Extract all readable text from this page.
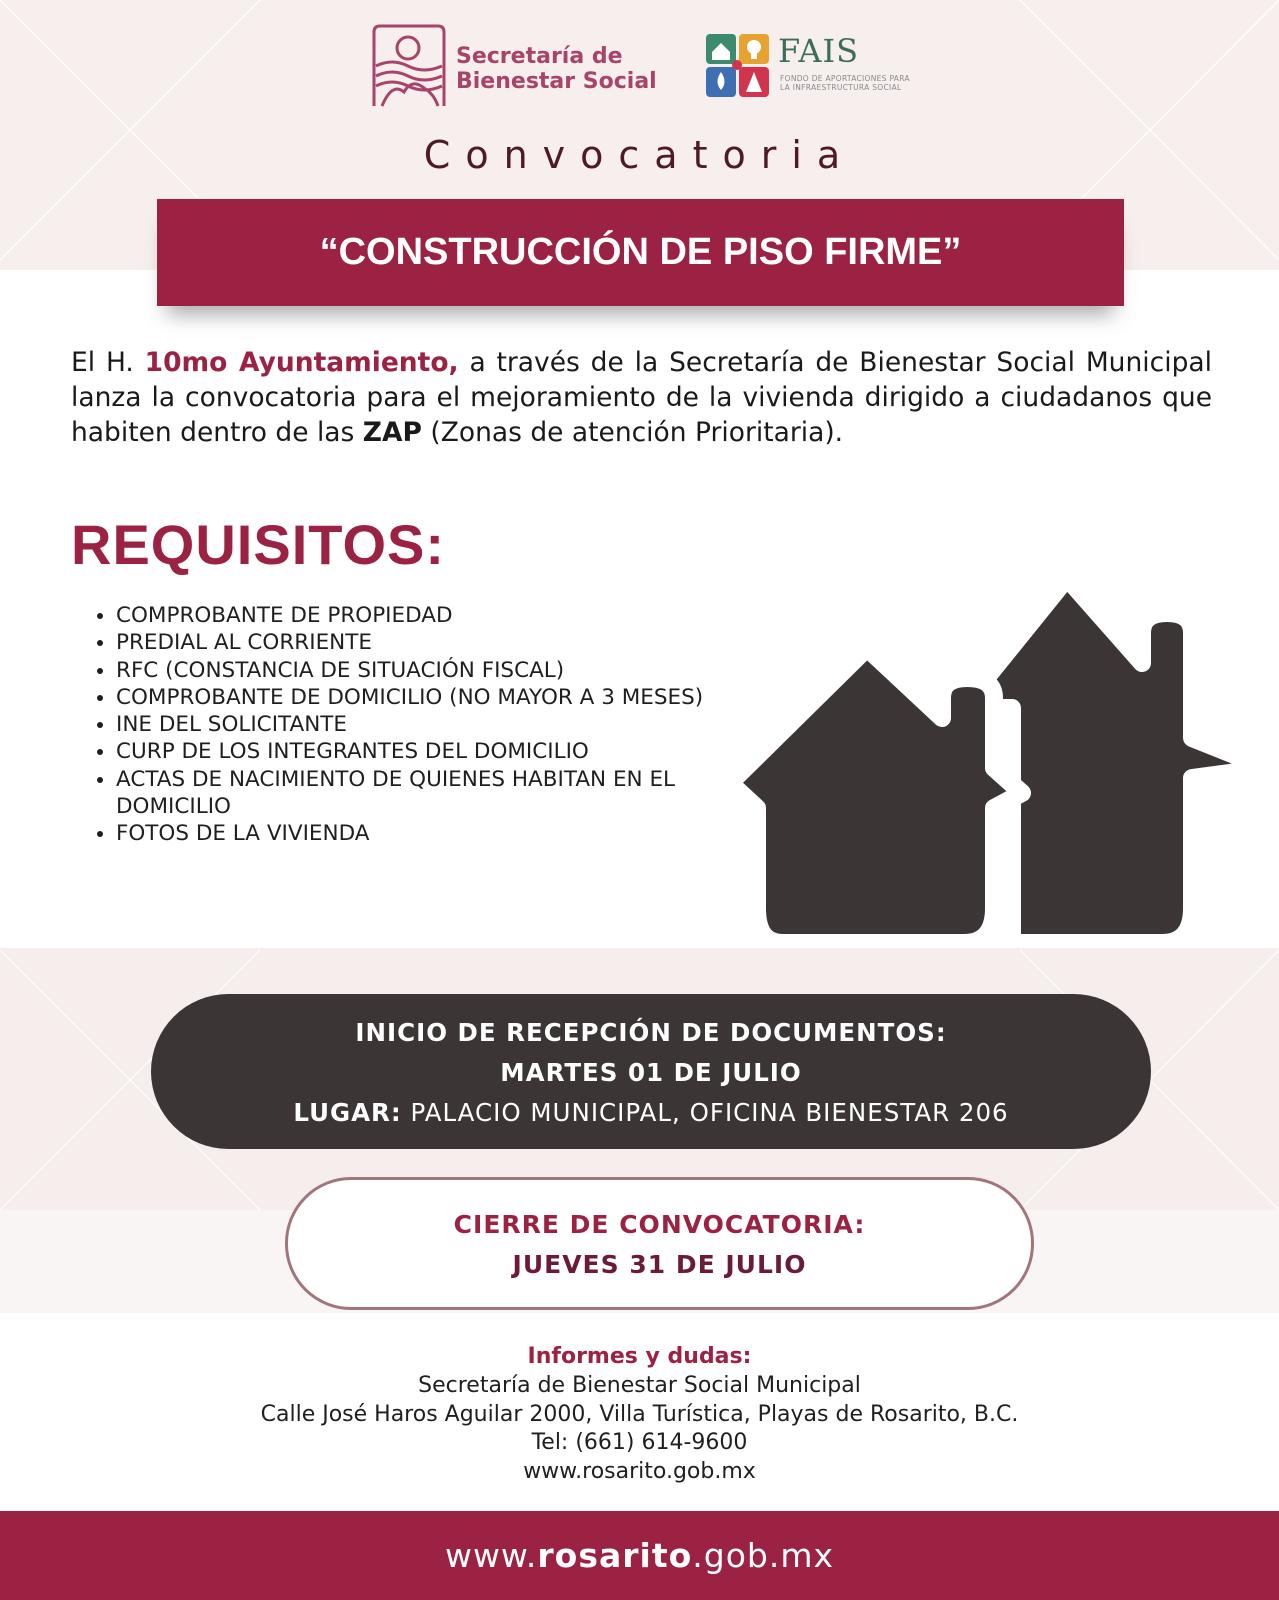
Secretaría de
Bienestar Social
FAIS
FONDO DE APORTACIONES PARA
LA INFRAESTRUCTURA SOCIAL
Convocatoria
“CONSTRUCCIÓN DE PISO FIRME”
El H. 10mo Ayuntamiento, a través de la Secretaría de Bienestar Social Municipal lanza la convocatoria para el mejoramiento de la vivienda dirigido a ciudadanos que habiten dentro de las ZAP (Zonas de atención Prioritaria).
REQUISITOS:
• COMPROBANTE DE PROPIEDAD
• PREDIAL AL CORRIENTE
• RFC (CONSTANCIA DE SITUACIÓN FISCAL)
• COMPROBANTE DE DOMICILIO (NO MAYOR A 3 MESES)
• INE DEL SOLICITANTE
• CURP DE LOS INTEGRANTES DEL DOMICILIO
• ACTAS DE NACIMIENTO DE QUIENES HABITAN EN EL DOMICILIO
• FOTOS DE LA VIVIENDA
INICIO DE RECEPCIÓN DE DOCUMENTOS:
MARTES 01 DE JULIO
LUGAR: PALACIO MUNICIPAL, OFICINA BIENESTAR 206
CIERRE DE CONVOCATORIA:
JUEVES 31 DE JULIO
Informes y dudas:
Secretaría de Bienestar Social Municipal
Calle José Haros Aguilar 2000, Villa Turística, Playas de Rosarito, B.C.
Tel: (661) 614-9600
www.rosarito.gob.mx
www.rosarito.gob.mx
